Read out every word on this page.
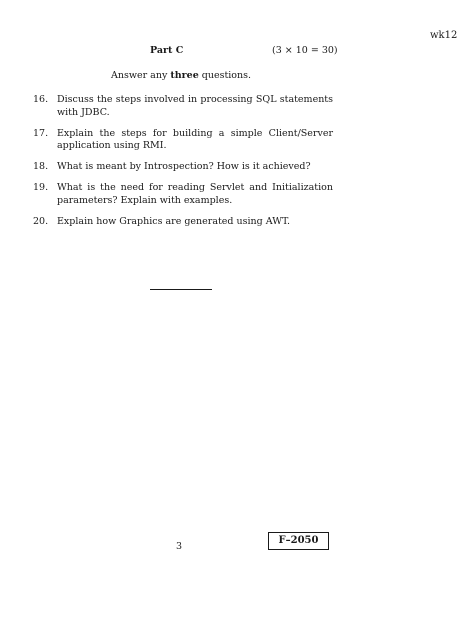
wk12
Part C	(3 × 10 = 30)
Answer any three questions.
16. Discuss the steps involved in processing SQL statements with JDBC.
17. Explain the steps for building a simple Client/Server application using RMI.
18. What is meant by Introspection? How is it achieved?
19. What is the need for reading Servlet and Initialization parameters? Explain with examples.
20. Explain how Graphics are generated using AWT.
3
F–2050
